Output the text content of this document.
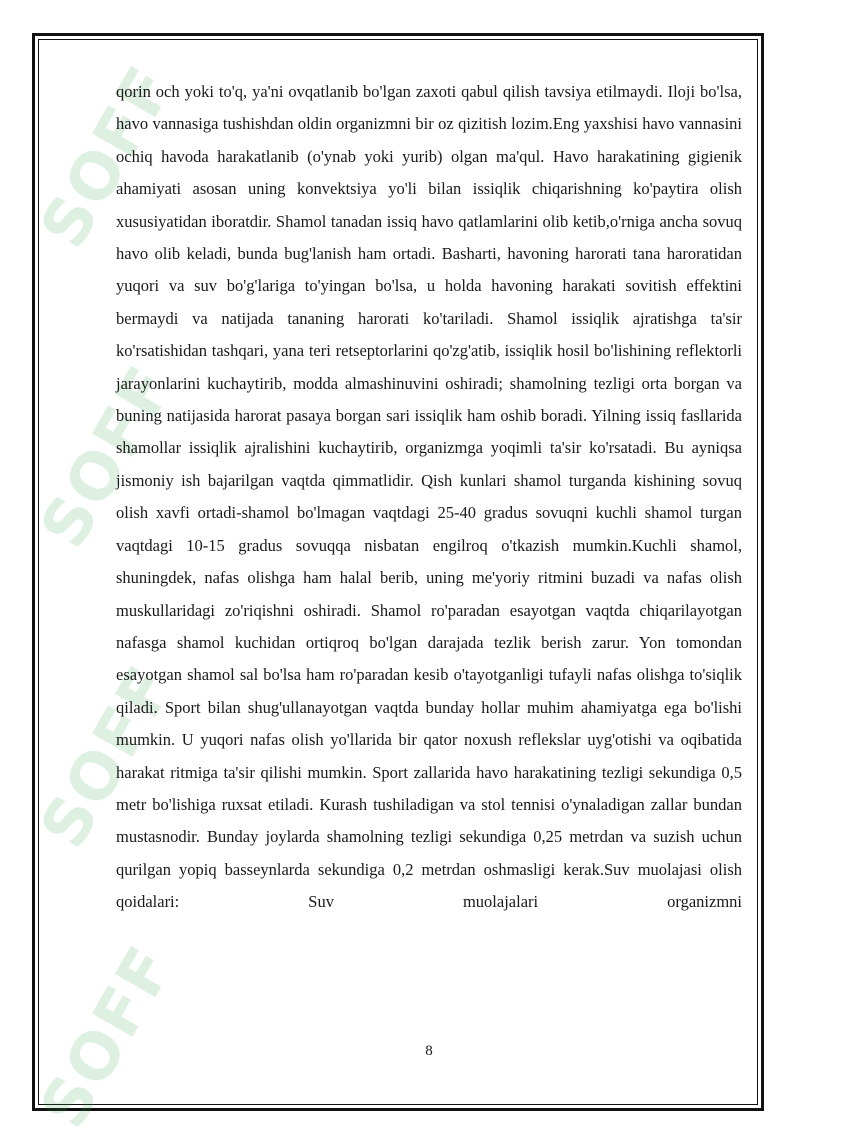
SOFF
SOFF
SOFF
SOFF

qorin och yoki to'q, ya'ni ovqatlanib bo'lgan zaxoti qabul qilish tavsiya etilmaydi. Iloji bo'lsa, havo vannasiga tushishdan oldin organizmni bir oz qizitish lozim.Eng yaxshisi havo vannasini ochiq havoda harakatlanib (o'ynab yoki yurib) olgan ma'qul. Havo harakatining gigienik ahamiyati asosan uning konvektsiya yo'li bilan issiqlik chiqarishning ko'paytira olish xususiyatidan iboratdir. Shamol tanadan issiq havo qatlamlarini olib ketib,o'rniga ancha sovuq havo olib keladi, bunda bug'lanish ham ortadi. Basharti, havoning harorati tana haroratidan yuqori va suv bo'g'lariga to'yingan bo'lsa, u holda havoning harakati sovitish effektini bermaydi va natijada tananing harorati ko'tariladi. Shamol issiqlik ajratishga ta'sir ko'rsatishidan tashqari, yana teri retseptorlarini qo'zg'atib, issiqlik hosil bo'lishining reflektorli jarayonlarini kuchaytirib, modda almashinuvini oshiradi; shamolning tezligi orta borgan va buning natijasida harorat pasaya borgan sari issiqlik ham oshib boradi. Yilning issiq fasllarida shamollar issiqlik ajralishini kuchaytirib, organizmga yoqimli ta'sir ko'rsatadi. Bu ayniqsa jismoniy ish bajarilgan vaqtda qimmatlidir. Qish kunlari shamol turganda kishining sovuq olish xavfi ortadi-shamol bo'lmagan vaqtdagi 25-40 gradus sovuqni kuchli shamol turgan vaqtdagi 10-15 gradus sovuqqa nisbatan engilroq o'tkazish mumkin.Kuchli shamol, shuningdek, nafas olishga ham halal berib, uning me'yoriy ritmini buzadi va nafas olish muskullaridagi zo'riqishni oshiradi. Shamol ro'paradan esayotgan vaqtda chiqarilayotgan nafasga shamol kuchidan ortiqroq bo'lgan darajada tezlik berish zarur. Yon tomondan esayotgan shamol sal bo'lsa ham ro'paradan kesib o'tayotganligi tufayli nafas olishga to'siqlik qiladi. Sport bilan shug'ullanayotgan vaqtda bunday hollar muhim ahamiyatga ega bo'lishi mumkin. U yuqori nafas olish yo'llarida bir qator noxush reflekslar uyg'otishi va oqibatida harakat ritmiga ta'sir qilishi mumkin. Sport zallarida havo harakatining tezligi sekundiga 0,5 metr bo'lishiga ruxsat etiladi. Kurash tushiladigan va stol tennisi o'ynaladigan zallar bundan mustasnodir. Bunday joylarda shamolning tezligi sekundiga 0,25 metrdan va suzish uchun qurilgan yopiq basseynlarda sekundiga 0,2 metrdan oshmasligi kerak.Suv muolajasi olish qoidalari: Suv muolajalari organizmni

8
